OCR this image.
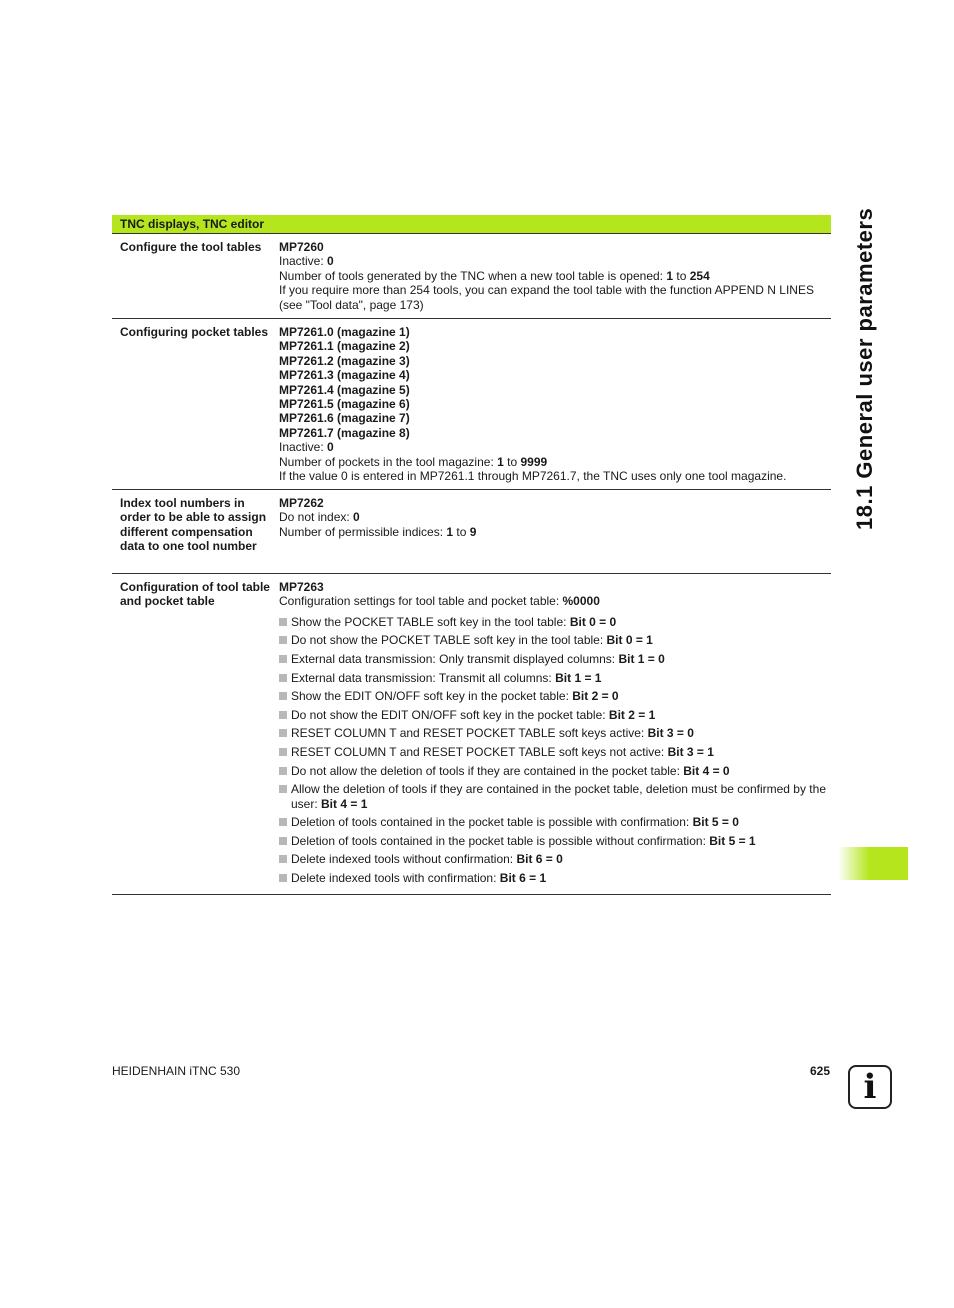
TNC displays, TNC editor
Configure the tool tables	MP7260
Inactive: 0
Number of tools generated by the TNC when a new tool table is opened: 1 to 254
If you require more than 254 tools, you can expand the tool table with the function APPEND N LINES (see "Tool data", page 173)
Configuring pocket tables MP7261.0 (magazine 1)
MP7261.1 (magazine 2)
MP7261.2 (magazine 3)
MP7261.3 (magazine 4)
MP7261.4 (magazine 5)
MP7261.5 (magazine 6)
MP7261.6 (magazine 7)
MP7261.7 (magazine 8)
Inactive: 0
Number of pockets in the tool magazine: 1 to 9999
If the value 0 is entered in MP7261.1 through MP7261.7, the TNC uses only one tool magazine.
Index tool numbers in order to be able to assign different compensation data to one tool number
MP7262
Do not index: 0
Number of permissible indices: 1 to 9
Configuration of tool table and pocket table
MP7263
Configuration settings for tool table and pocket table: %0000
Show the POCKET TABLE soft key in the tool table: Bit 0 = 0
Do not show the POCKET TABLE soft key in the tool table: Bit 0 = 1
External data transmission: Only transmit displayed columns: Bit 1 = 0
External data transmission: Transmit all columns: Bit 1 = 1
Show the EDIT ON/OFF soft key in the pocket table: Bit 2 = 0
Do not show the EDIT ON/OFF soft key in the pocket table: Bit 2 = 1
RESET COLUMN T and RESET POCKET TABLE soft keys active: Bit 3 = 0
RESET COLUMN T and RESET POCKET TABLE soft keys not active: Bit 3 = 1
Do not allow the deletion of tools if they are contained in the pocket table: Bit 4 = 0
Allow the deletion of tools if they are contained in the pocket table, deletion must be confirmed by the user: Bit 4 = 1
Deletion of tools contained in the pocket table is possible with confirmation: Bit 5 = 0
Deletion of tools contained in the pocket table is possible without confirmation: Bit 5 = 1
Delete indexed tools without confirmation: Bit 6 = 0
Delete indexed tools with confirmation: Bit 6 = 1
18.1 General user parameters
HEIDENHAIN iTNC 530	625 i
